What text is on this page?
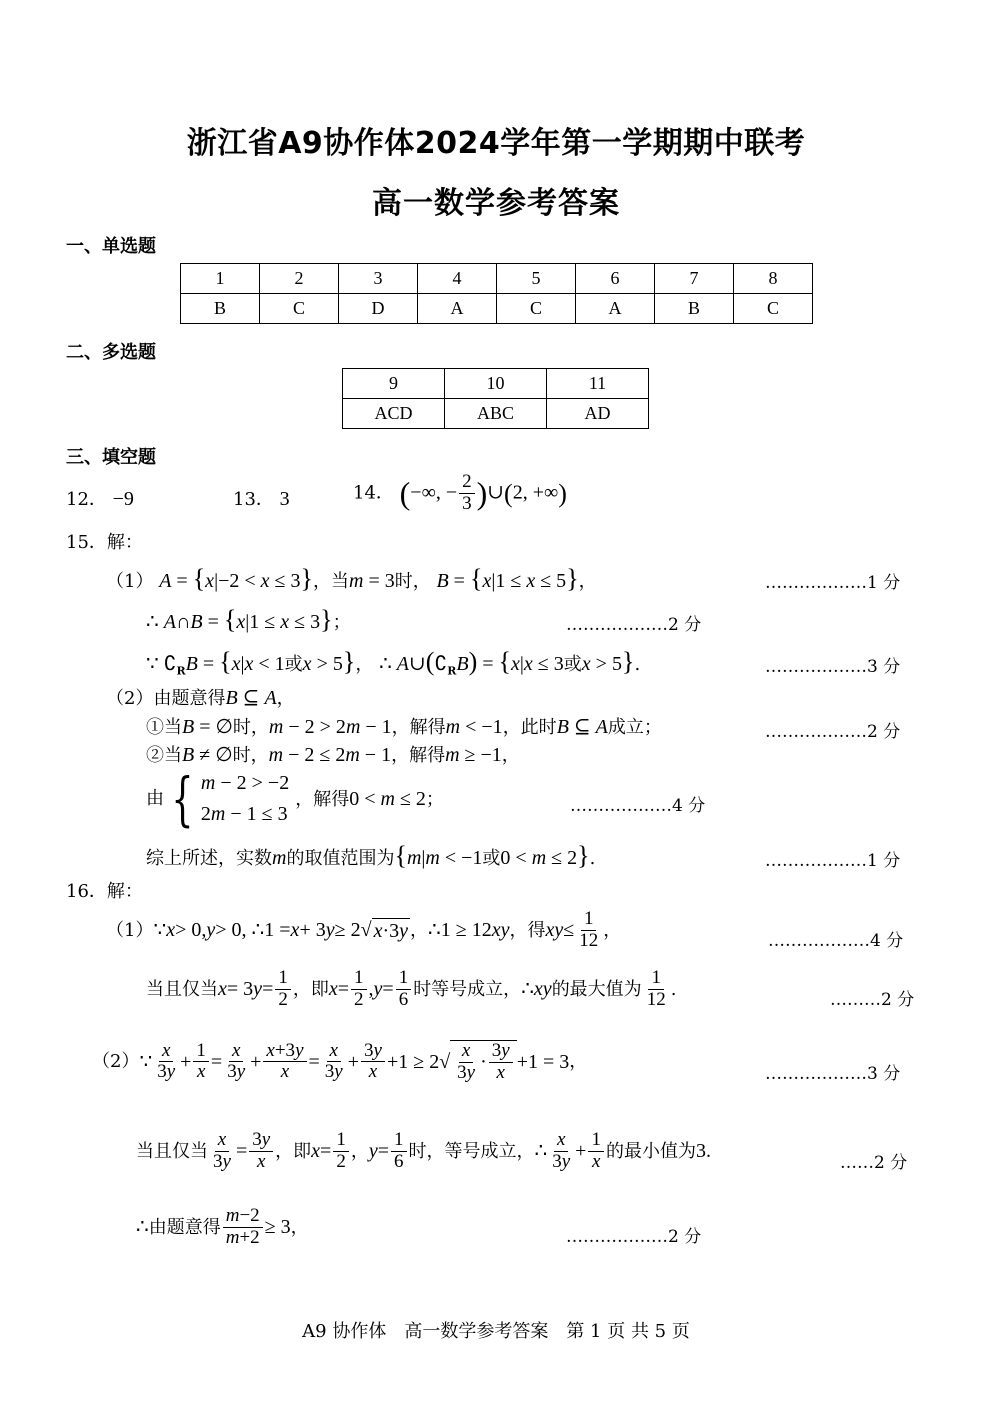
浙江省A9协作体2024学年第一学期期中联考
高一数学参考答案
一、单选题
1	2	3	4	5	6	7	8
B	C	D	A	C	A	B	C
二、多选题
9	10	11
ACD	ABC	AD
三、填空题
12． −9	13． 3	14． (−∞, − $\frac{2}{3}$ )∪(2, +∞)
15．解：
（1） A = {x|−2 < x ≤ 3}，当m = 3时， B = {x|1 ≤ x ≤ 5}，	………………1 分
∴ A∩B = {x|1 ≤ x ≤ 3}；	………………2 分
∵ $∁_RB = \{x|x < 1$或x > 5}， ∴ $A\cup(∁_RB) = \{x|x \le 3$或x > 5}.	………………3 分
（2）由题意得B ⊆ A，
①当B = ∅时，m − 2 > 2m − 1，解得m < −1，此时B ⊆ A成立；	………………2 分
②当B ≠ ∅时，m − 2 ≤ 2m − 1，解得m ≥ −1，
由 { m − 2 > −2
2m − 1 ≤ 3
，解得0 < m ≤ 2；	………………4 分
综上所述，实数m的取值范围为{m|m < −1或0 < m ≤ 2}.	………………1 分
16．解：
（1） ∵ x > 0, y > 0, ∴1 = x + 3 y ≥ 2√ x·3y ， ∴1 ≥ 12 xy ，得 xy ≤ $\frac{1}{12}$ ，
………………4 分
当且仅当 x = 3 $y = \frac{1}{2}$ ，即 $x = \frac{1}{2}$ , $y = \frac{1}{6}$ 时等号成立， ∴ xy 的最大值为 $\frac{1}{12}$ .
………2 分
（2） ∵ $\frac{x}{3y} + \frac{1}{x} = \frac{x}{3y} + \frac{x+3y}{x} = \frac{x}{3y} + \frac{3y}{x} +1 \ge 2√ \frac{x}{3y} \cdot \frac{3y}{x} +1 = 3$ ，
………………3 分
当且仅当 $\frac{x}{3y} = \frac{3y}{x}$ ，即 $x = \frac{1}{2}$ ， $y = \frac{1}{6}$ 时，等号成立， ∴ $\frac{x}{3y} + \frac{1}{x}$ 的最小值为 3.
……2 分
∴ 由题意得 $\frac{m-2}{m+2} \ge 3$ ，	………………2 分
A9 协作体　高一数学参考答案　第 1 页 共 5 页
